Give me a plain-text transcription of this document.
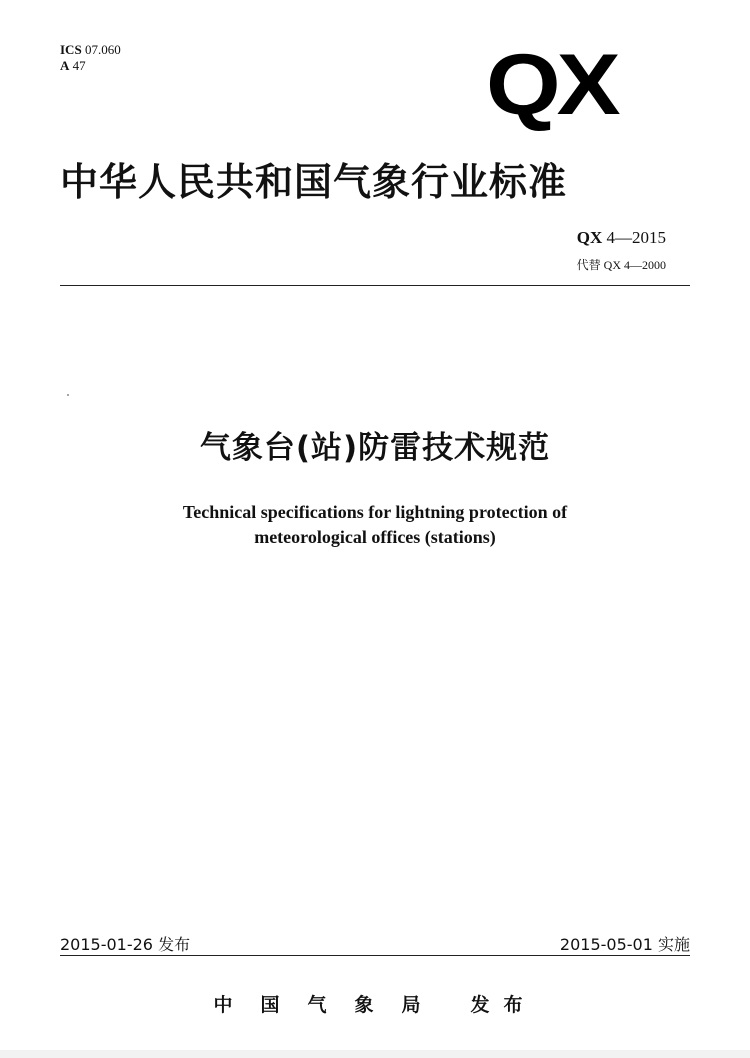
ICS 07.060
A 47	QX
中华人民共和国气象行业标准
QX 4—2015
代替 QX 4—2000
气象台(站)防雷技术规范
Technical specifications for lightning protection of
meteorological offices (stations)
2015-01-26 发布	2015-05-01 实施
中 国 气 象 局	发布
